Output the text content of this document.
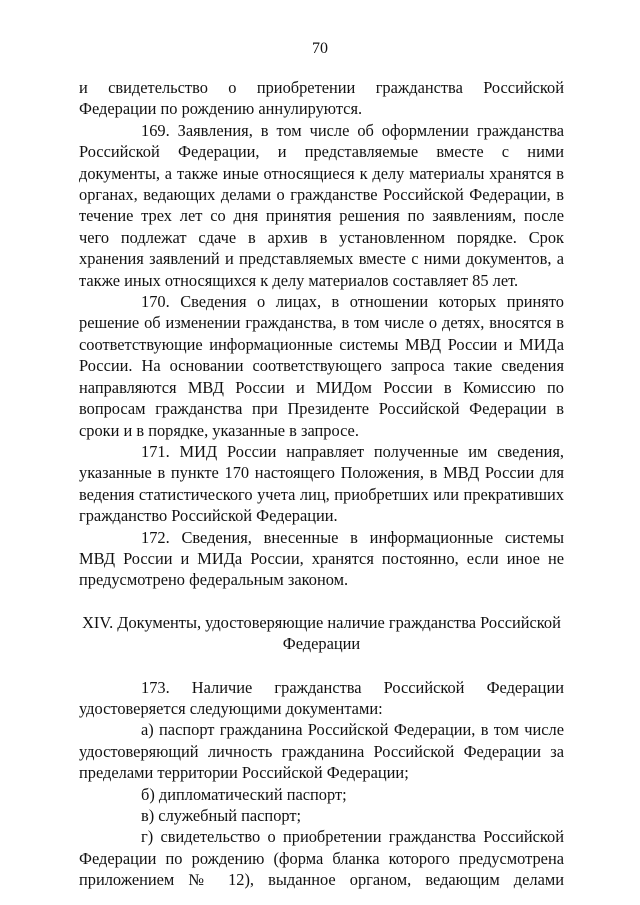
70

и свидетельство о приобретении гражданства Российской Федерации по рождению аннулируются.

169. Заявления, в том числе об оформлении гражданства Российской Федерации, и представляемые вместе с ними документы, а также иные относящиеся к делу материалы хранятся в органах, ведающих делами о гражданстве Российской Федерации, в течение трех лет со дня принятия решения по заявлениям, после чего подлежат сдаче в архив в установленном порядке. Срок хранения заявлений и представляемых вместе с ними документов, а также иных относящихся к делу материалов составляет 85 лет.

170. Сведения о лицах, в отношении которых принято решение об изменении гражданства, в том числе о детях, вносятся в соответствующие информационные системы МВД России и МИДа России. На основании соответствующего запроса такие сведения направляются МВД России и МИДом России в Комиссию по вопросам гражданства при Президенте Российской Федерации в сроки и в порядке, указанные в запросе.

171. МИД России направляет полученные им сведения, указанные в пункте 170 настоящего Положения, в МВД России для ведения статистического учета лиц, приобретших или прекративших гражданство Российской Федерации.

172. Сведения, внесенные в информационные системы МВД России и МИДа России, хранятся постоянно, если иное не предусмотрено федеральным законом.

XIV. Документы, удостоверяющие наличие гражданства Российской Федерации

173. Наличие гражданства Российской Федерации удостоверяется следующими документами:

а) паспорт гражданина Российской Федерации, в том числе удостоверяющий личность гражданина Российской Федерации за пределами территории Российской Федерации;

б) дипломатический паспорт;

в) служебный паспорт;

г) свидетельство о приобретении гражданства Российской Федерации по рождению (форма бланка которого предусмотрена приложением № 12), выданное органом, ведающим делами
